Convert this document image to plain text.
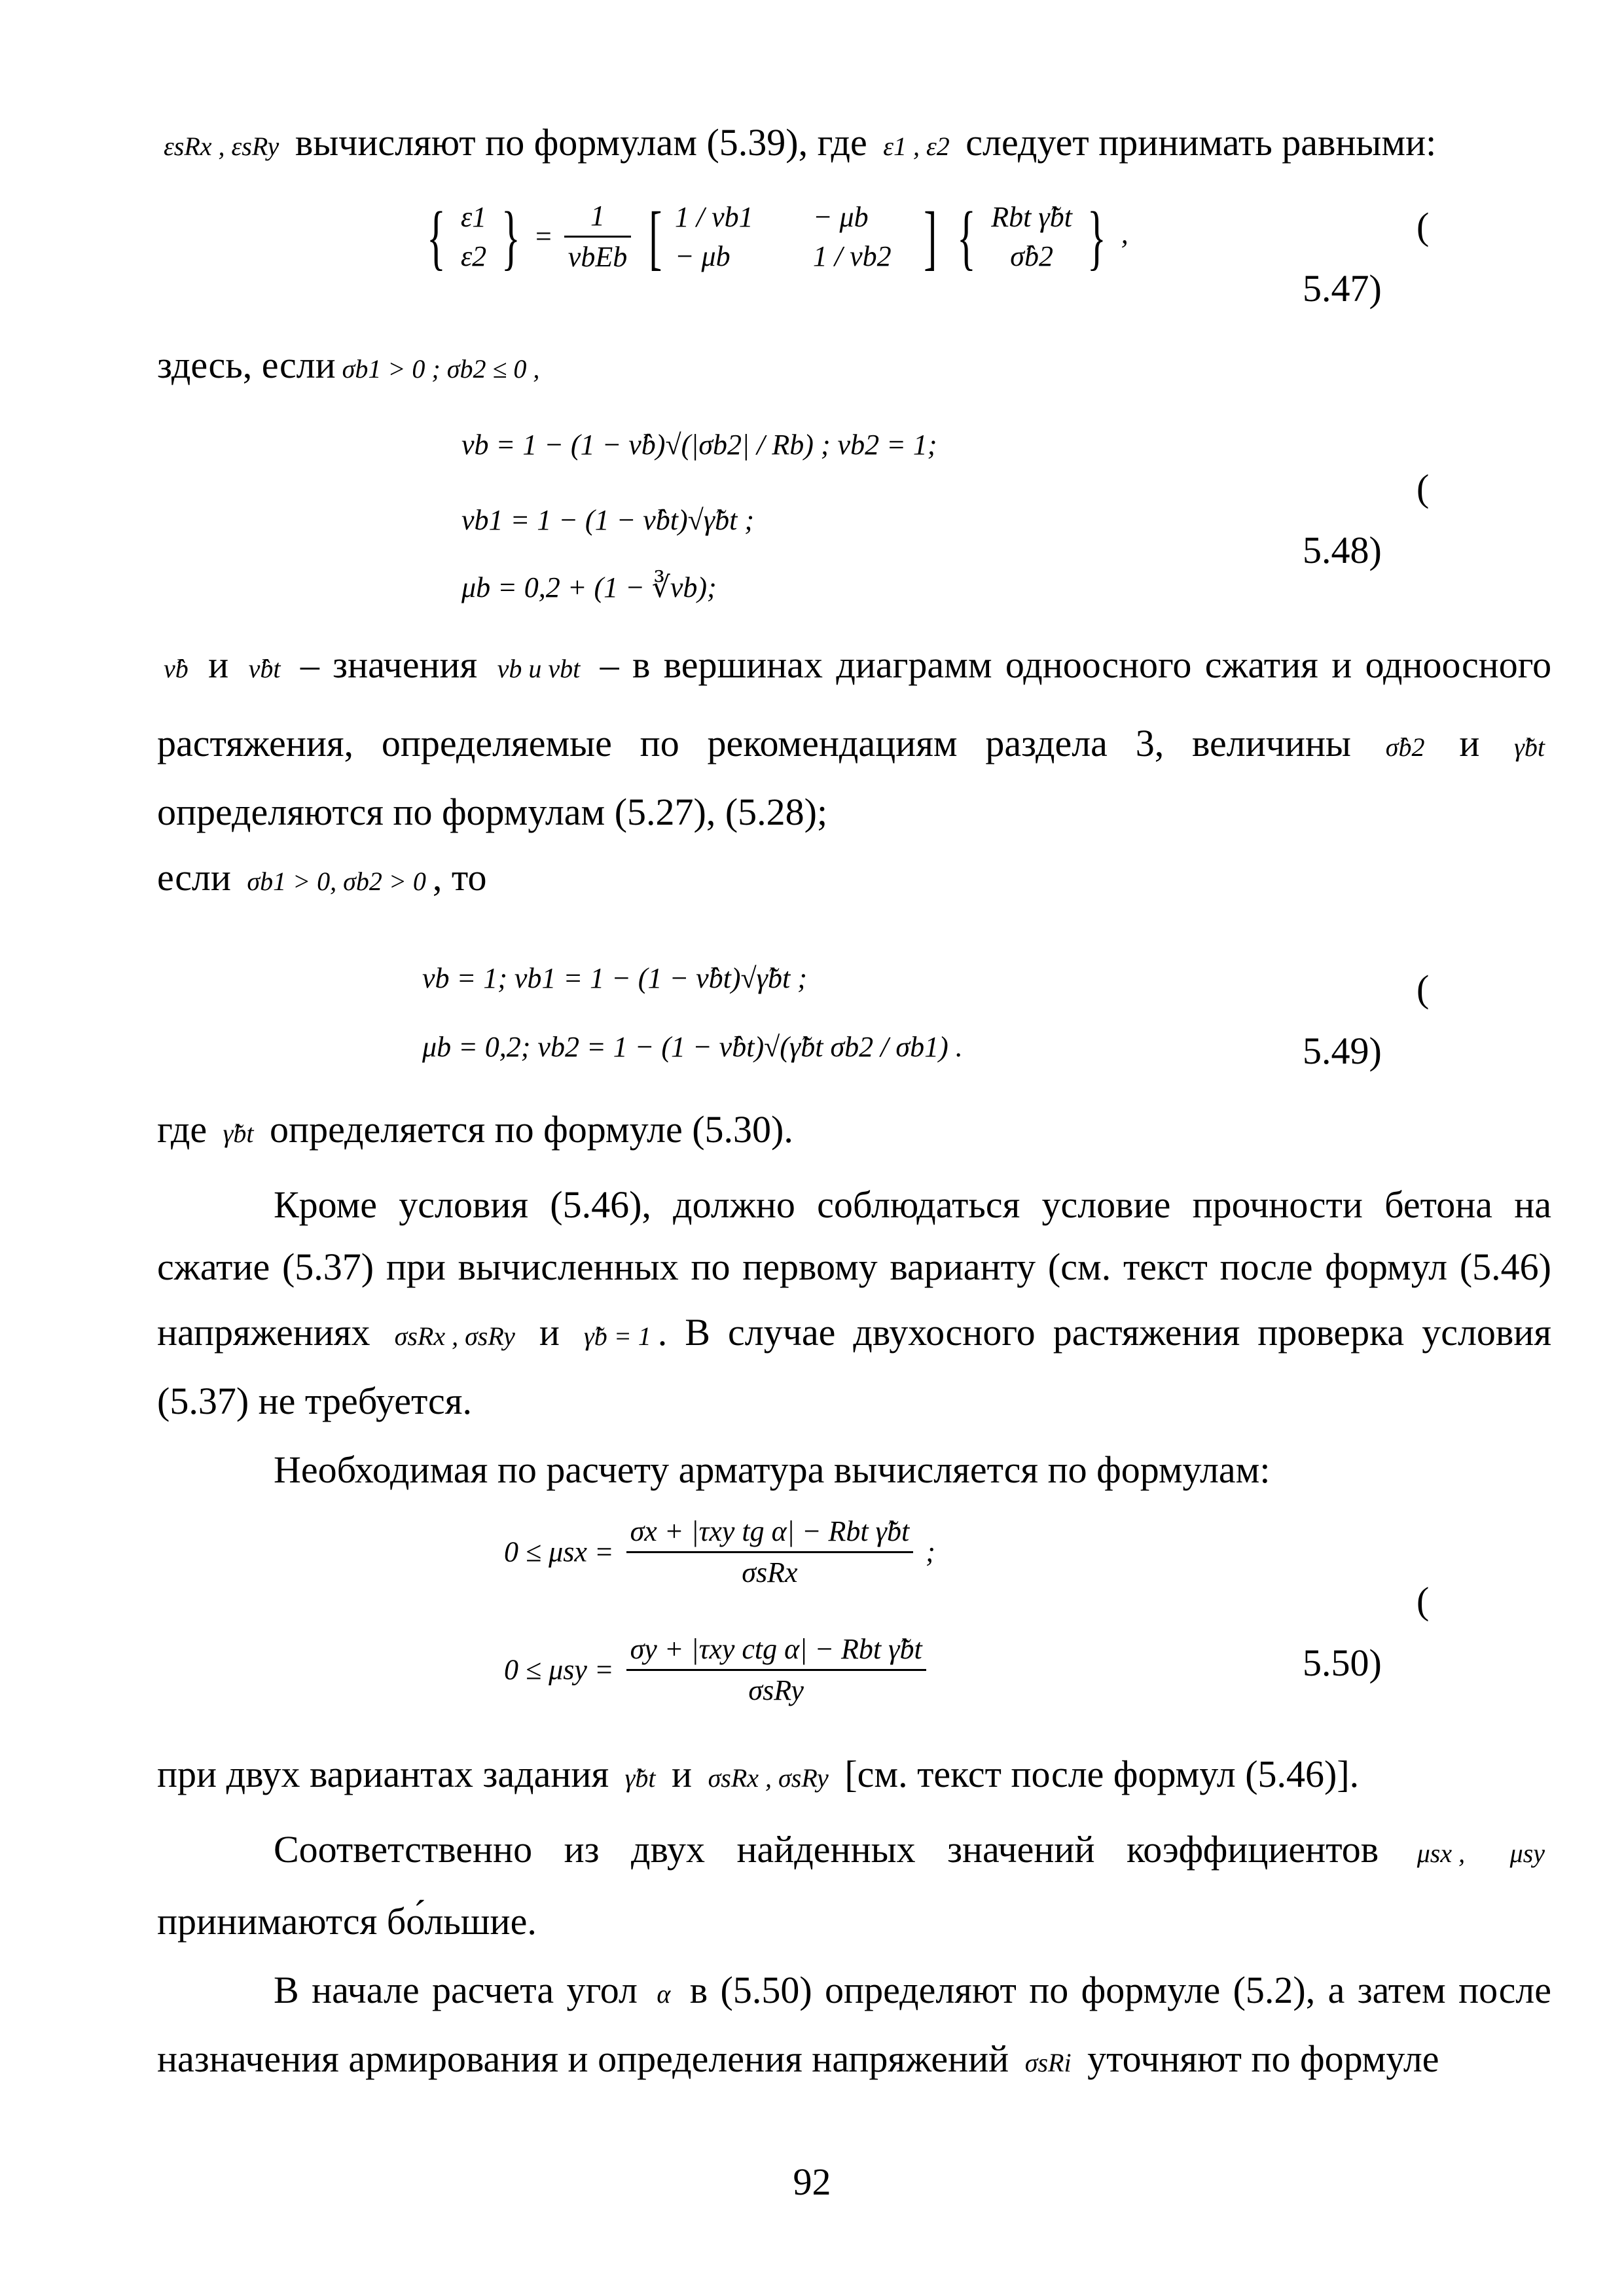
εsRx , εsRy вычисляют по формулам (5.39), где ε1 , ε2 следует принимать равными:
{ ε1
ε2 } = $\frac{1}{\text{νbEb}}$ [ 1 / νb1 − μb
− μb	1 / νb2 ] { Rbt γ̃bt
σ̂b2 } ,	(
5.47)
здесь, если σb1 > 0 ; σb2 ≤ 0 ,
νb = 1 − (1 − ν̂b)√(|σb2| / Rb) ; νb2 = 1;
νb1 = 1 − (1 − ν̂bt)√γ̃bt ;
μb = 0,2 + (1 − ∛νb);
(
5.48)
ν̂b и ν̂bt – значения νb и νbt – в вершинах диаграмм одноосного сжатия и одноосного
растяжения, определяемые по рекомендациям раздела 3, величины σ̂b2 и γ̃bt
определяются по формулам (5.27), (5.28);
если σb1 > 0, σb2 > 0 , то
νb = 1; νb1 = 1 − (1 − ν̂bt)√γ̃bt ;
μb = 0,2; νb2 = 1 − (1 − ν̂bt)√(γ̃bt σb2 / σb1) .
(
5.49)
где γ̃bt определяется по формуле (5.30).
Кроме условия (5.46), должно соблюдаться условие прочности бетона на
сжатие (5.37) при вычисленных по первому варианту (см. текст после формул (5.46)
напряжениях σsRx , σsRy и γ̃b = 1 . В случае двухосного растяжения проверка условия
(5.37) не требуется.
Необходимая по расчету арматура вычисляется по формулам:
$0 \le \mu sx = \frac{\text{σx + |τxy tg α| − Rbt γ̃bt}}{\text{σsRx}}$ ;
$0 \le \mu sy = \frac{\text{σy + |τxy ctg α| − Rbt γ̃bt}}{\text{σsRy}}$
(
5.50)
при двух вариантах задания γ̃bt и σsRx , σsRy [см. текст после формул (5.46)].
Соответственно из двух найденных значений коэффициентов μsx , μsy
принимаются бо́льшие.
В начале расчета угол α в (5.50) определяют по формуле (5.2), а затем после
назначения армирования и определения напряжений σsRi уточняют по формуле
92
